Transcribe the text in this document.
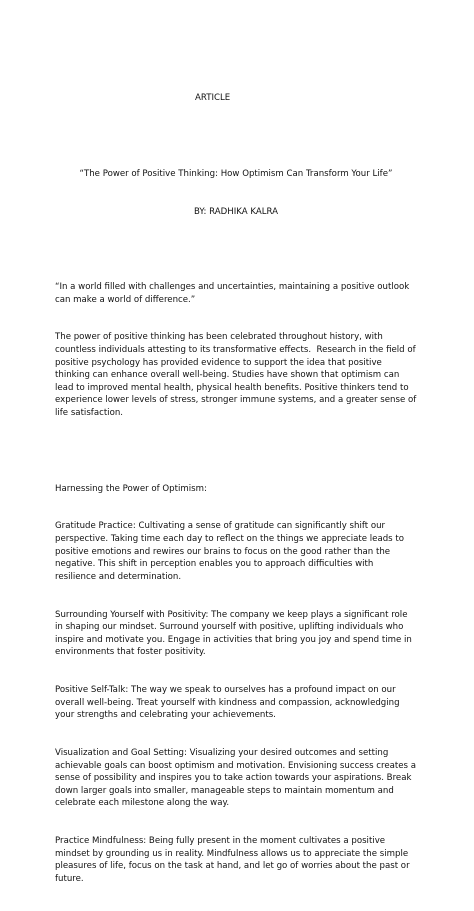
ARTICLE

“The Power of Positive Thinking: How Optimism Can Transform Your Life”

BY: RADHIKA KALRA

“In a world filled with challenges and uncertainties, maintaining a positive outlook can make a world of difference.”

The power of positive thinking has been celebrated throughout history, with countless individuals attesting to its transformative effects.  Research in the field of positive psychology has provided evidence to support the idea that positive thinking can enhance overall well-being. Studies have shown that optimism can lead to improved mental health, physical health benefits. Positive thinkers tend to experience lower levels of stress, stronger immune systems, and a greater sense of life satisfaction.

Harnessing the Power of Optimism:

Gratitude Practice: Cultivating a sense of gratitude can significantly shift our perspective. Taking time each day to reflect on the things we appreciate leads to positive emotions and rewires our brains to focus on the good rather than the negative. This shift in perception enables you to approach difficulties with resilience and determination.

Surrounding Yourself with Positivity: The company we keep plays a significant role in shaping our mindset. Surround yourself with positive, uplifting individuals who inspire and motivate you. Engage in activities that bring you joy and spend time in environments that foster positivity.

Positive Self-Talk: The way we speak to ourselves has a profound impact on our overall well-being. Treat yourself with kindness and compassion, acknowledging your strengths and celebrating your achievements.

Visualization and Goal Setting: Visualizing your desired outcomes and setting achievable goals can boost optimism and motivation. Envisioning success creates a sense of possibility and inspires you to take action towards your aspirations. Break down larger goals into smaller, manageable steps to maintain momentum and celebrate each milestone along the way.

Practice Mindfulness: Being fully present in the moment cultivates a positive mindset by grounding us in reality. Mindfulness allows us to appreciate the simple pleasures of life, focus on the task at hand, and let go of worries about the past or future.
